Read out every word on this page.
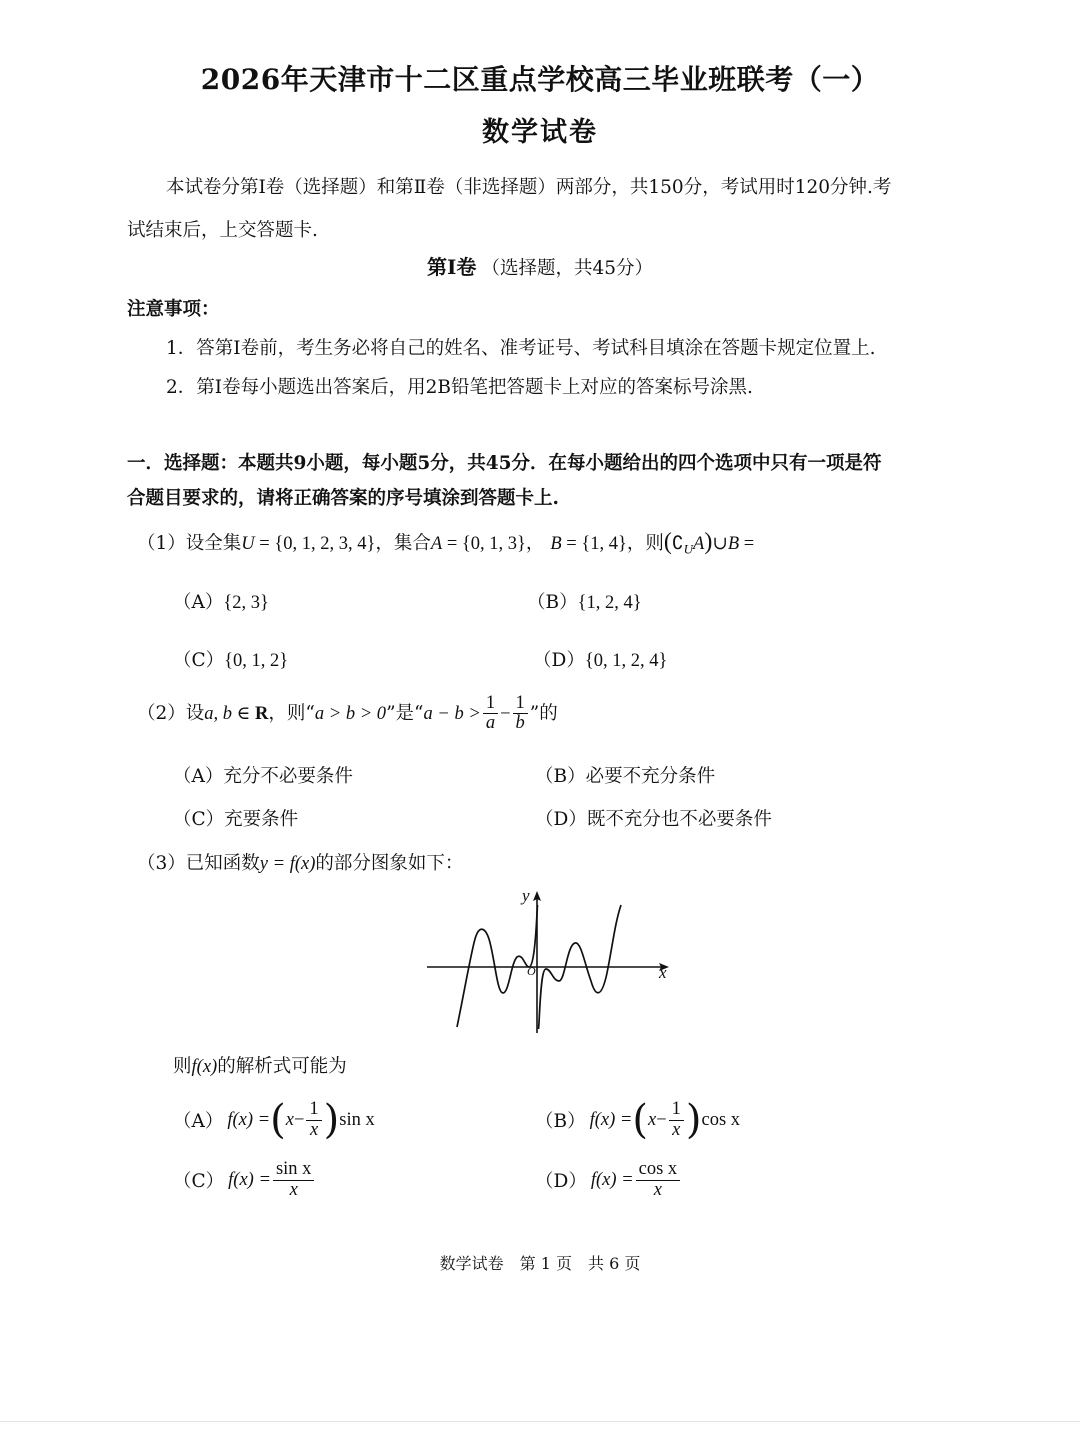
2026年天津市十二区重点学校高三毕业班联考（一）
数学试卷
本试卷分第Ⅰ卷（选择题）和第Ⅱ卷（非选择题）两部分，共150分，考试用时120分钟.考
试结束后，上交答题卡.
第Ⅰ卷 （选择题，共45分）
注意事项：
1．答第Ⅰ卷前，考生务必将自己的姓名、准考证号、考试科目填涂在答题卡规定位置上.
2．第Ⅰ卷每小题选出答案后，用2B铅笔把答题卡上对应的答案标号涂黑.
一．选择题：本题共9小题，每小题5分，共45分．在每小题给出的四个选项中只有一项是符
合题目要求的，请将正确答案的序号填涂到答题卡上.
（1）设全集U = {0, 1, 2, 3, 4}，集合A = {0, 1, 3}， B = {1, 4}，则$(∁_UA)\cup B$ =
（A）{2, 3}	（B）{1, 2, 4}
（C）{0, 1, 2}	（D）{0, 1, 2, 4}
（2）设a, b ∈ R，则“a > b > 0”是“$a - b > \frac{1}{a} - \frac{1}{b}$ ”的
（A）充分不必要条件	（B）必要不充分条件
（C）充要条件	（D）既不充分也不必要条件
（3）已知函数y = f(x)的部分图象如下：
y
x
O
则f(x)的解析式可能为
（A） f(x) = ( $x - \frac{1}{x}$ ) sin x	（B） f(x) = ( $x - \frac{1}{x}$ ) cos x
（C） $f(x) = \frac{\text{sin x}}{x}$	（D） $f(x) = \frac{\text{cos x}}{x}$
数学试卷　第 1 页　共 6 页
